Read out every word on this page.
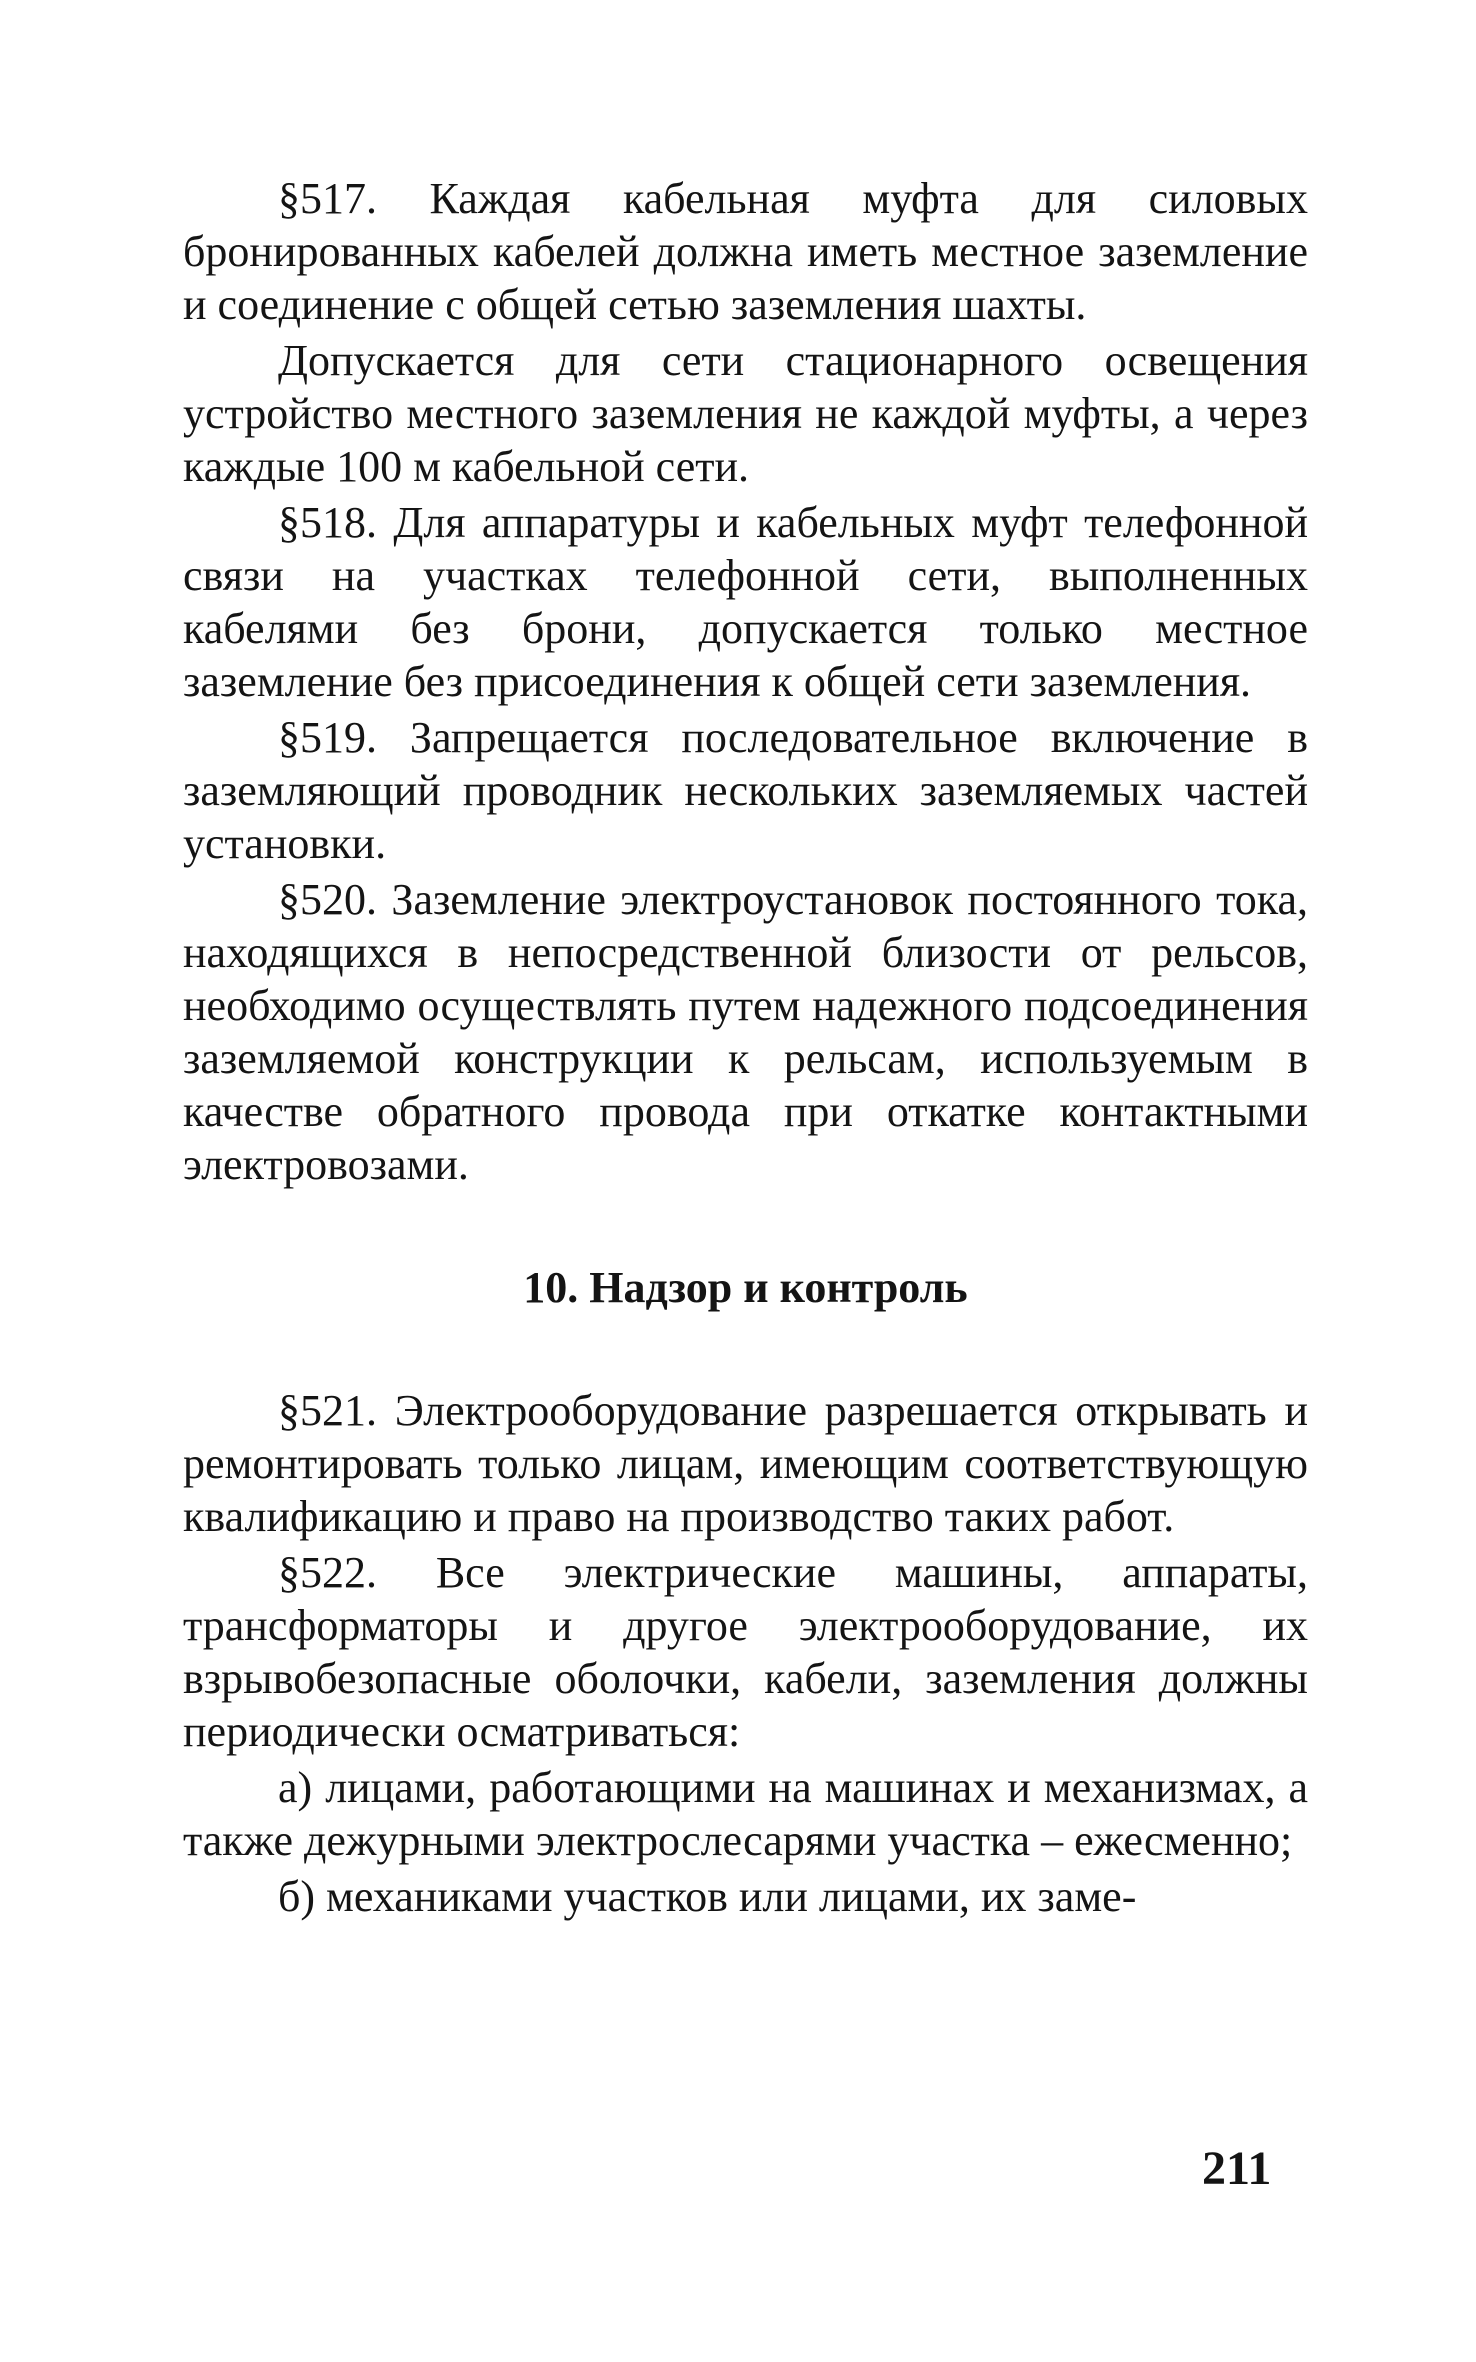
§517. Каждая кабельная муфта для силовых бронированных кабелей должна иметь местное заземление и соединение с общей сетью заземления шахты.

Допускается для сети стационарного освещения устройство местного заземления не каждой муфты, а через каждые 100 м кабельной сети.

§518. Для аппаратуры и кабельных муфт телефонной связи на участках телефонной сети, выполненных кабелями без брони, допускается только местное заземление без присоединения к общей сети заземления.

§519. Запрещается последовательное включение в заземляющий проводник нескольких заземляемых частей установки.

§520. Заземление электроустановок постоянного тока, находящихся в непосредственной близости от рельсов, необходимо осуществлять путем надежного подсоединения заземляемой конструкции к рельсам, используемым в качестве обратного провода при откатке контактными электровозами.

10. Надзор и контроль

§521. Электрооборудование разрешается открывать и ремонтировать только лицам, имеющим соответствующую квалификацию и право на производство таких работ.

§522. Все электрические машины, аппараты, трансформаторы и другое электрооборудование, их взрывобезопасные оболочки, кабели, заземления должны периодически осматриваться:

а) лицами, работающими на машинах и механизмах, а также дежурными электрослесарями участка – ежесменно;

б) механиками участков или лицами, их заме-

211
